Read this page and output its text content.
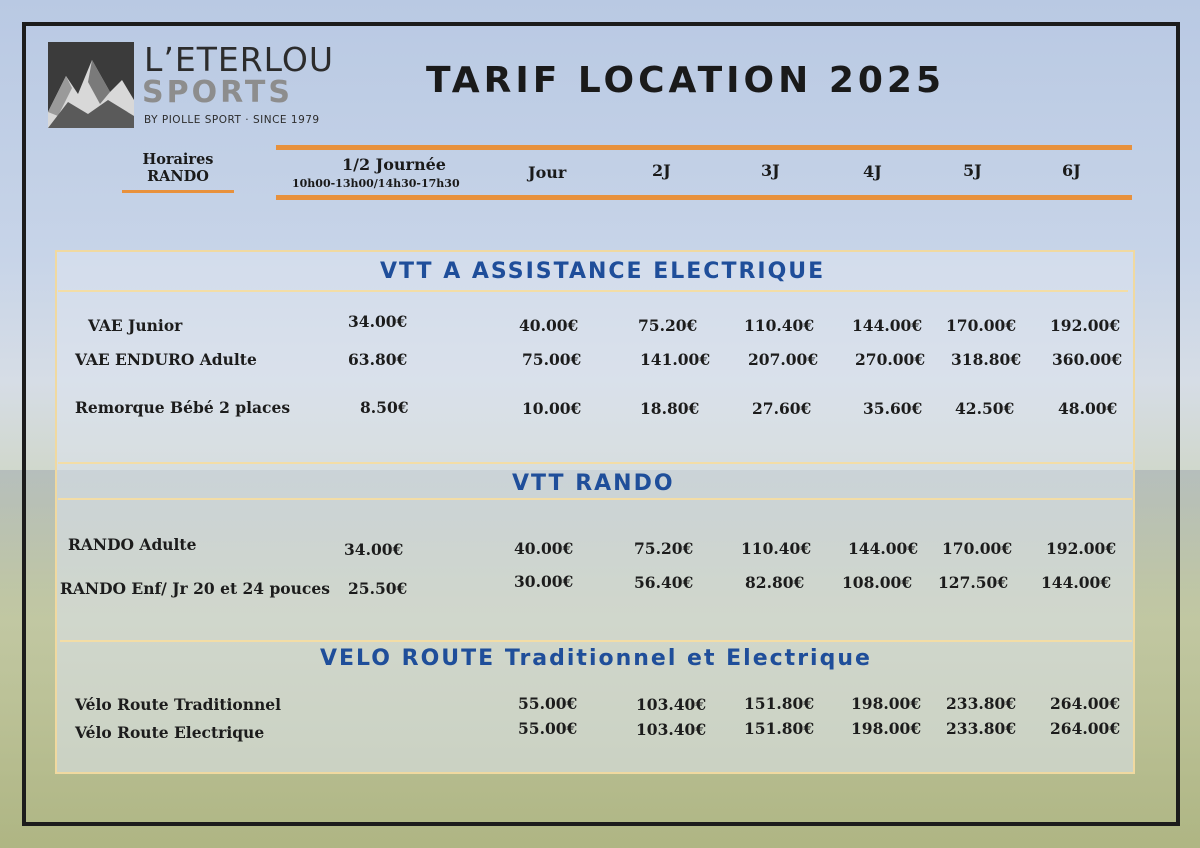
L’ETERLOU
SPORTS
BY PIOLLE SPORT · SINCE 1979
TARIF LOCATION 2025
Horaires
RANDO
1/2 Journée
10h00-13h00/14h30-17h30
Jour	2J	3J	4J	5J	6J
VTT A ASSISTANCE ELECTRIQUE
VAE Junior	34.00€	40.00€	75.20€	110.40€ 144.00€ 170.00€ 192.00€
VAE ENDURO Adulte	63.80€	75.00€	141.00€ 207.00€ 270.00€ 318.80€ 360.00€
Remorque Bébé 2 places	8.50€	10.00€	18.80€	27.60€	35.60€ 42.50€	48.00€
VTT RANDO
RANDO Adulte	34.00€	40.00€	75.20€	110.40€ 144.00€ 170.00€ 192.00€
RANDO Enf/ Jr 20 et 24 pouces 25.50€	30.00€	56.40€	82.80€ 108.00€ 127.50€ 144.00€
VELO ROUTE Traditionnel et Electrique
Vélo Route Traditionnel	55.00€	103.40€ 151.80€ 198.00€ 233.80€ 264.00€
Vélo Route Electrique	55.00€	103.40€ 151.80€ 198.00€ 233.80€ 264.00€
